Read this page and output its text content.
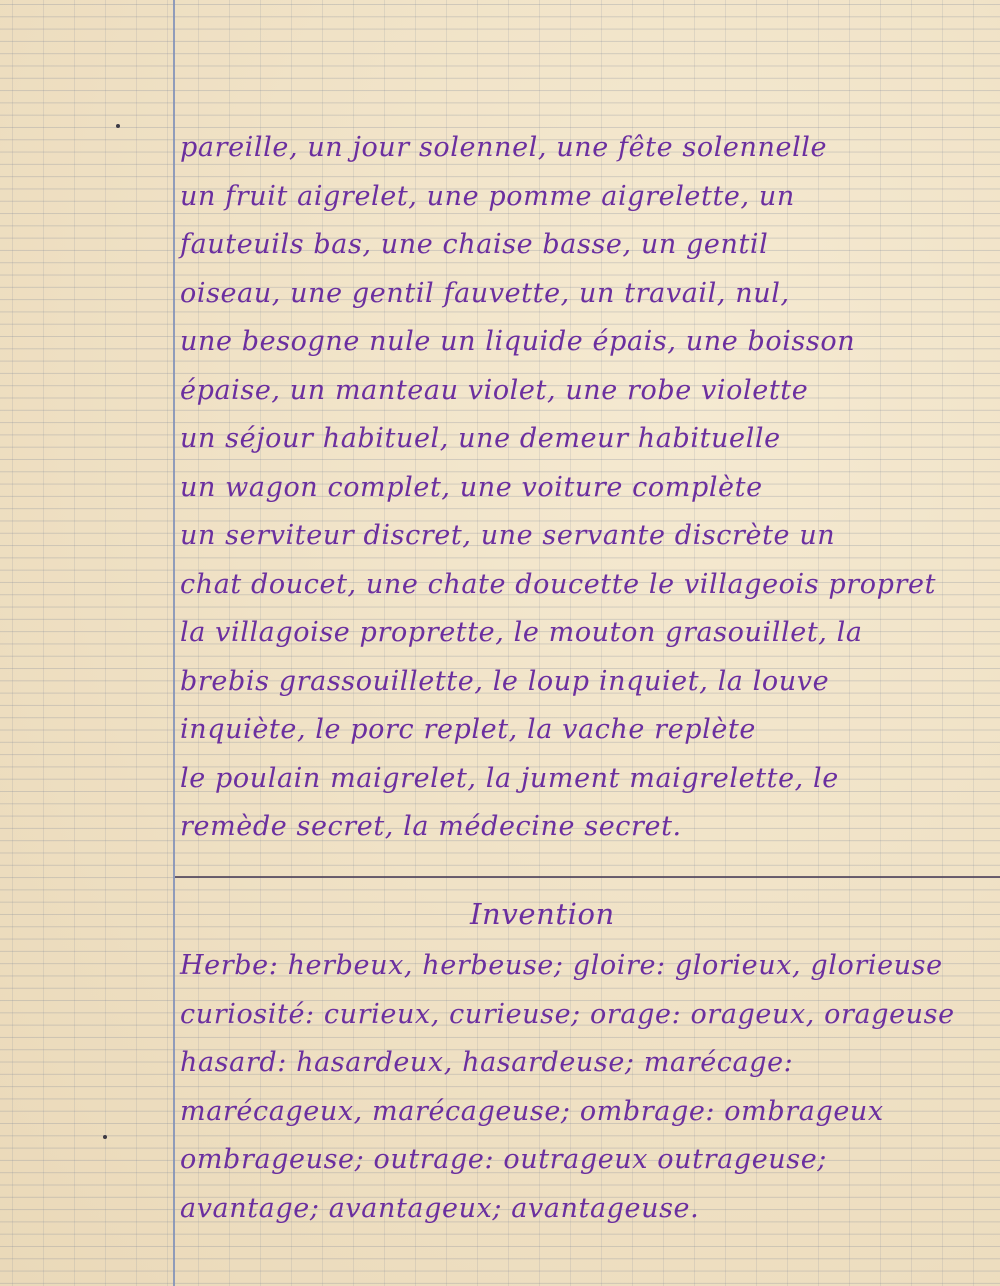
pareille, un jour solennel, une fête solennelle
un fruit aigrelet, une pomme aigrelette, un
fauteuils bas, une chaise basse, un gentil
oiseau, une gentil fauvette, un travail, nul,
une besogne nule un liquide épais, une boisson
épaise, un manteau violet, une robe violette
un séjour habituel, une demeur habituelle
un wagon complet, une voiture complète
un serviteur discret, une servante discrète un
chat doucet, une chate doucette le villageois propret
la villagoise proprette, le mouton grasouillet, la
brebis grassouillette, le loup inquiet, la louve
inquiète, le porc replet, la vache replète
le poulain maigrelet, la jument maigrelette, le
remède secret, la médecine secret.
Invention
Herbe: herbeux, herbeuse; gloire: glorieux, glorieuse
curiosité: curieux, curieuse; orage: orageux, orageuse
hasard: hasardeux, hasardeuse; marécage:
marécageux, marécageuse; ombrage: ombrageux
ombrageuse; outrage: outrageux outrageuse;
avantage; avantageux; avantageuse.
